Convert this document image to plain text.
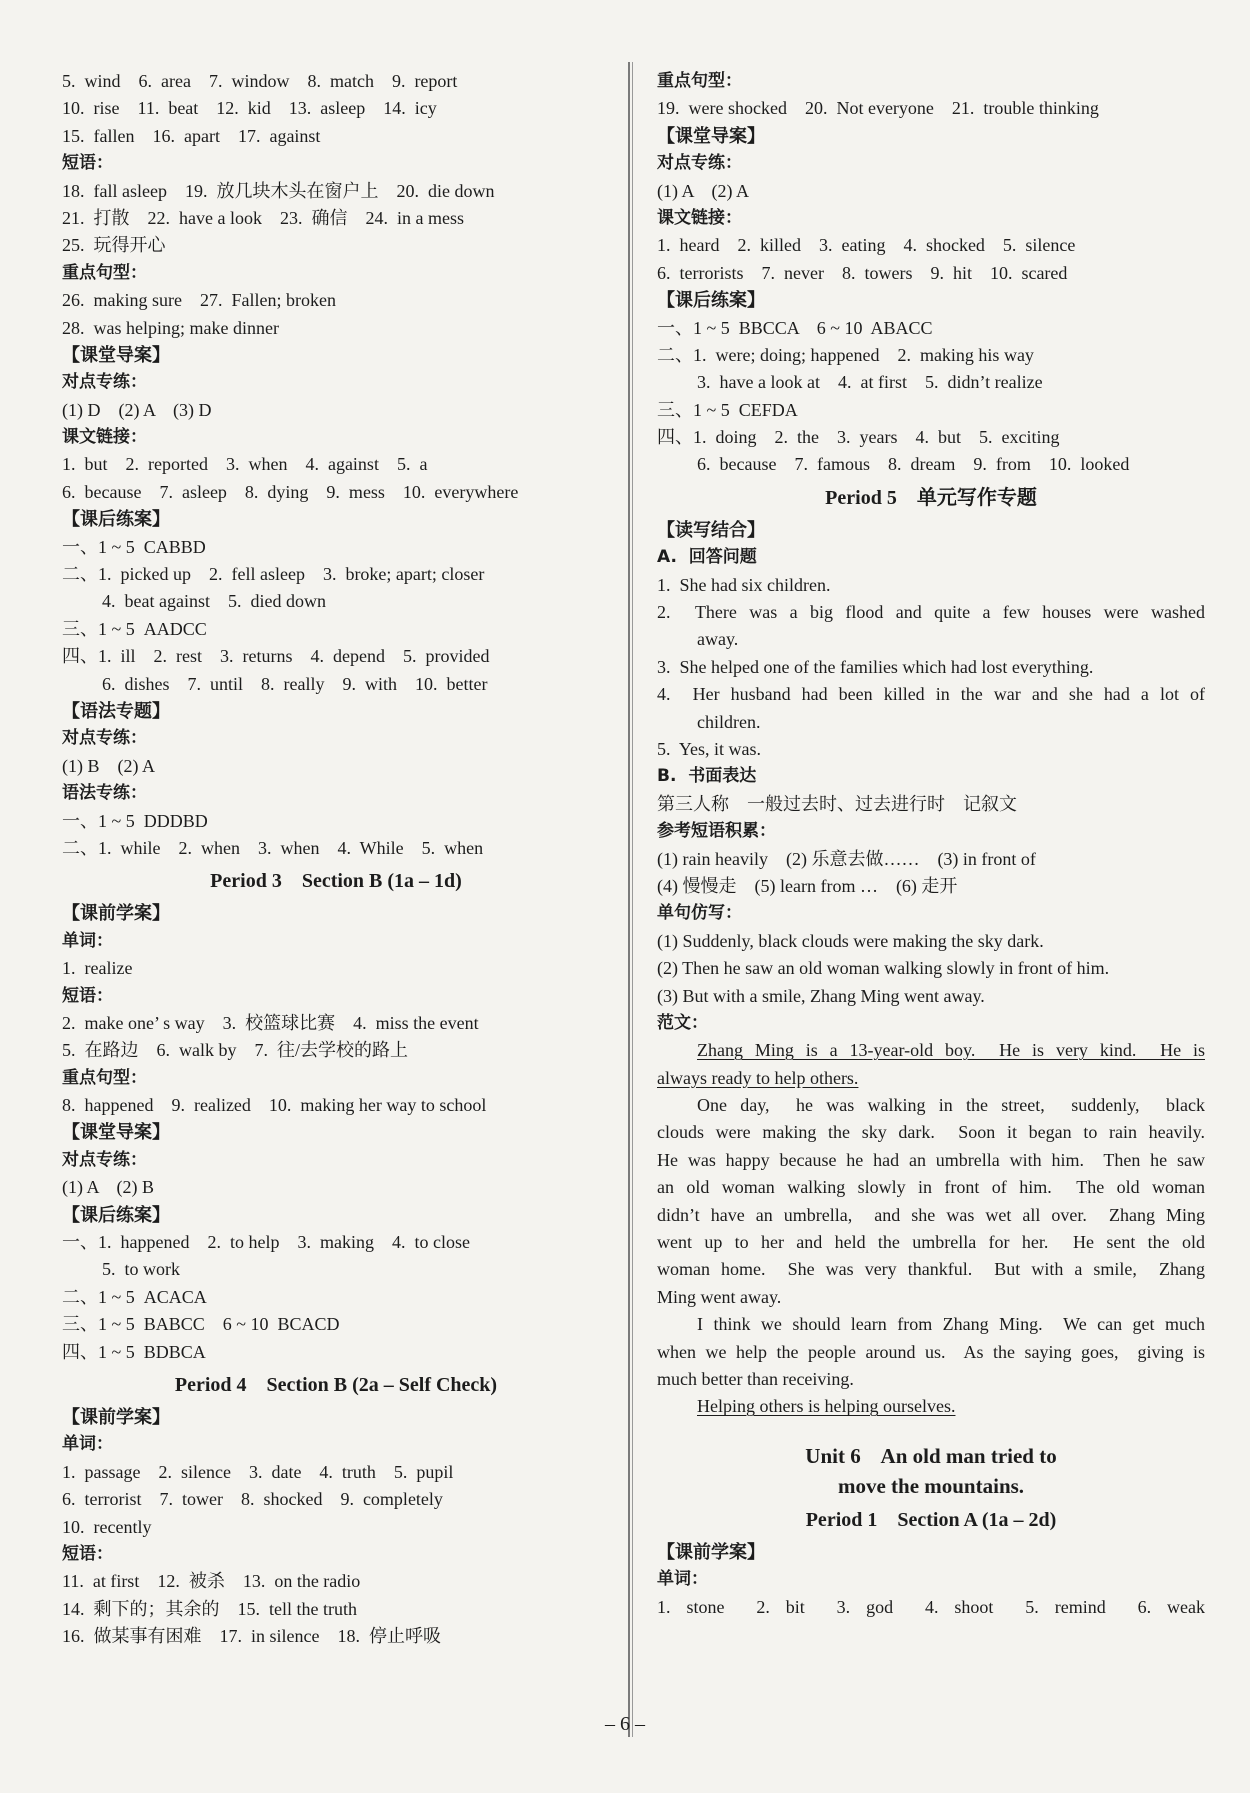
5.  wind    6.  area    7.  window    8.  match    9.  report
10.  rise    11.  beat    12.  kid    13.  asleep    14.  icy
15.  fallen    16.  apart    17.  against
短语：
18.  fall asleep    19.  放几块木头在窗户上    20.  die down
21.  打散    22.  have a look    23.  确信    24.  in a mess
25.  玩得开心
重点句型：
26.  making sure    27.  Fallen; broken
28.  was helping; make dinner
【课堂导案】
对点专练：
(1) D    (2) A    (3) D
课文链接：
1.  but    2.  reported    3.  when    4.  against    5.  a
6.  because    7.  asleep    8.  dying    9.  mess    10.  everywhere
【课后练案】
一、1 ~ 5  CABBD
二、1.  picked up    2.  fell asleep    3.  broke; apart; closer
4.  beat against    5.  died down
三、1 ~ 5  AADCC
四、1.  ill    2.  rest    3.  returns    4.  depend    5.  provided
6.  dishes    7.  until    8.  really    9.  with    10.  better
【语法专题】
对点专练：
(1) B    (2) A
语法专练：
一、1 ~ 5  DDDBD
二、1.  while    2.  when    3.  when    4.  While    5.  when
Period 3    Section B (1a – 1d)
【课前学案】
单词：
1.  realize
短语：
2.  make one’ s way    3.  校篮球比赛    4.  miss the event
5.  在路边    6.  walk by    7.  往/去学校的路上
重点句型：
8.  happened    9.  realized    10.  making her way to school
【课堂导案】
对点专练：
(1) A    (2) B
【课后练案】
一、1.  happened    2.  to help    3.  making    4.  to close
5.  to work
二、1 ~ 5  ACACA
三、1 ~ 5  BABCC    6 ~ 10  BCACD
四、1 ~ 5  BDBCA
Period 4    Section B (2a – Self Check)
【课前学案】
单词：
1.  passage    2.  silence    3.  date    4.  truth    5.  pupil
6.  terrorist    7.  tower    8.  shocked    9.  completely
10.  recently
短语：
11.  at first    12.  被杀    13.  on the radio
14.  剩下的；其余的    15.  tell the truth
16.  做某事有困难    17.  in silence    18.  停止呼吸
重点句型：
19.  were shocked    20.  Not everyone    21.  trouble thinking
【课堂导案】
对点专练：
(1) A    (2) A
课文链接：
1.  heard    2.  killed    3.  eating    4.  shocked    5.  silence
6.  terrorists    7.  never    8.  towers    9.  hit    10.  scared
【课后练案】
一、1 ~ 5  BBCCA    6 ~ 10  ABACC
二、1.  were; doing; happened    2.  making his way
3.  have a look at    4.  at first    5.  didn’t realize
三、1 ~ 5  CEFDA
四、1.  doing    2.  the    3.  years    4.  but    5.  exciting
6.  because    7.  famous    8.  dream    9.  from    10.  looked
Period 5    单元写作专题
【读写结合】
A.  回答问题
1.  She had six children.
2.  There was a big flood and quite a few houses were washed
away.
3.  She helped one of the families which had lost everything.
4.  Her husband had been killed in the war and she had a lot of
children.
5.  Yes, it was.
B.  书面表达
第三人称    一般过去时、过去进行时    记叙文
参考短语积累：
(1) rain heavily    (2) 乐意去做……    (3) in front of
(4) 慢慢走    (5) learn from …    (6) 走开
单句仿写：
(1) Suddenly, black clouds were making the sky dark.
(2) Then he saw an old woman walking slowly in front of him.
(3) But with a smile, Zhang Ming went away.
范文：
Zhang Ming is a 13-year-old boy.  He is very kind.  He is
always ready to help others.
One day,  he was walking in the street,  suddenly,  black
clouds were making the sky dark.  Soon it began to rain heavily.
He was happy because he had an umbrella with him.  Then he saw
an old woman walking slowly in front of him.  The old woman
didn’t have an umbrella,  and she was wet all over.  Zhang Ming
went up to her and held the umbrella for her.  He sent the old
woman home.  She was very thankful.  But with a smile,  Zhang
Ming went away.
I think we should learn from Zhang Ming.  We can get much
when we help the people around us.  As the saying goes,  giving is
much better than receiving.
Helping others is helping ourselves.
Unit 6    An old man tried to
move the mountains.
Period 1    Section A (1a – 2d)
【课前学案】
单词：
1.  stone    2.  bit    3.  god    4.  shoot    5.  remind    6.  weak
– 6 –
